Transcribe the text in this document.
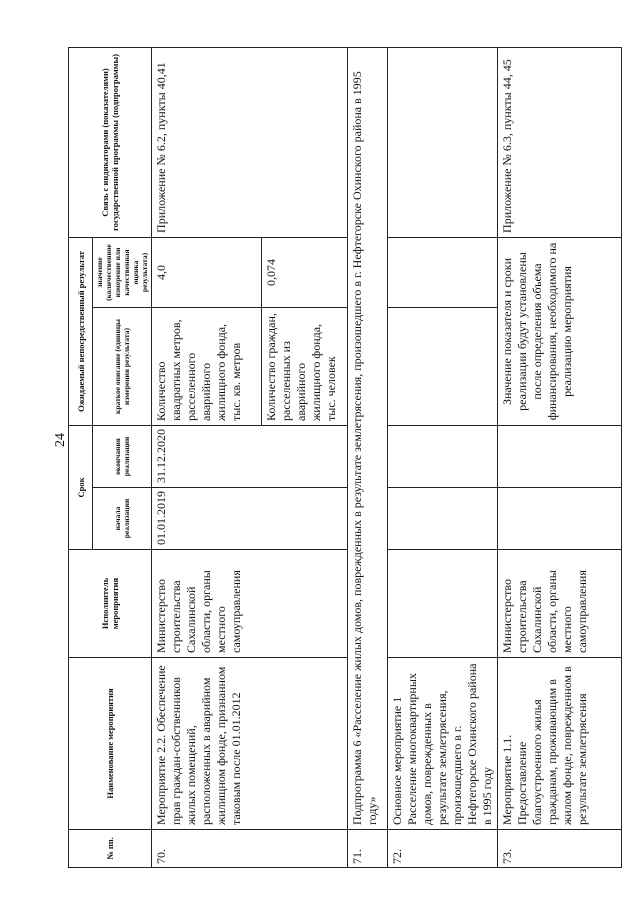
24
№ пп.	Наименование мероприятия	Исполнитель мероприятия	Срок		Ожидаемый непосредственный результат		Связь с индикаторами (показателями) государственной программы (подпрограммы)
			начала реализации	окончания реализации	краткое описание (единицы измерения результата)	значение (количественное измерение или качественная оценка результата)	
70.	Мероприятие 2.2. Обеспечение прав граждан-собственников жилых помещений, расположенных в аварийном жилищном фонде, признанном таковым после 01.01.2012	Министерство строительства Сахалинской области, органы местного самоуправления	01.01.2019	31.12.2020	Количество квадратных метров, расселенного аварийного жилищного фонда, тыс. кв. метров	4,0	Приложение № 6.2, пункты 40,41
					Количество граждан, расселенных из аварийного жилищного фонда, тыс. человек	0,074	
71.	Подпрограмма 6 «Расселение жилых домов, поврежденных в результате землетрясения, произошедшего в г. Нефтегорске Охинского района в 1995 году»						
72.	Основное мероприятие 1 Расселение многоквартирных домов, поврежденных в результате землетрясения, произошедшего в г. Нефтегорске Охинского района в 1995 году						
73.	Мероприятие 1.1. Предоставление благоустроенного жилья гражданам, проживающим в жилом фонде, поврежденном в результате землетрясения	Министерство строительства Сахалинской области, органы местного самоуправления			Значение показателя и сроки реализации будут установлены после определения объема финансирования, необходимого на реализацию мероприятия		Приложение № 6.3, пункты 44, 45
